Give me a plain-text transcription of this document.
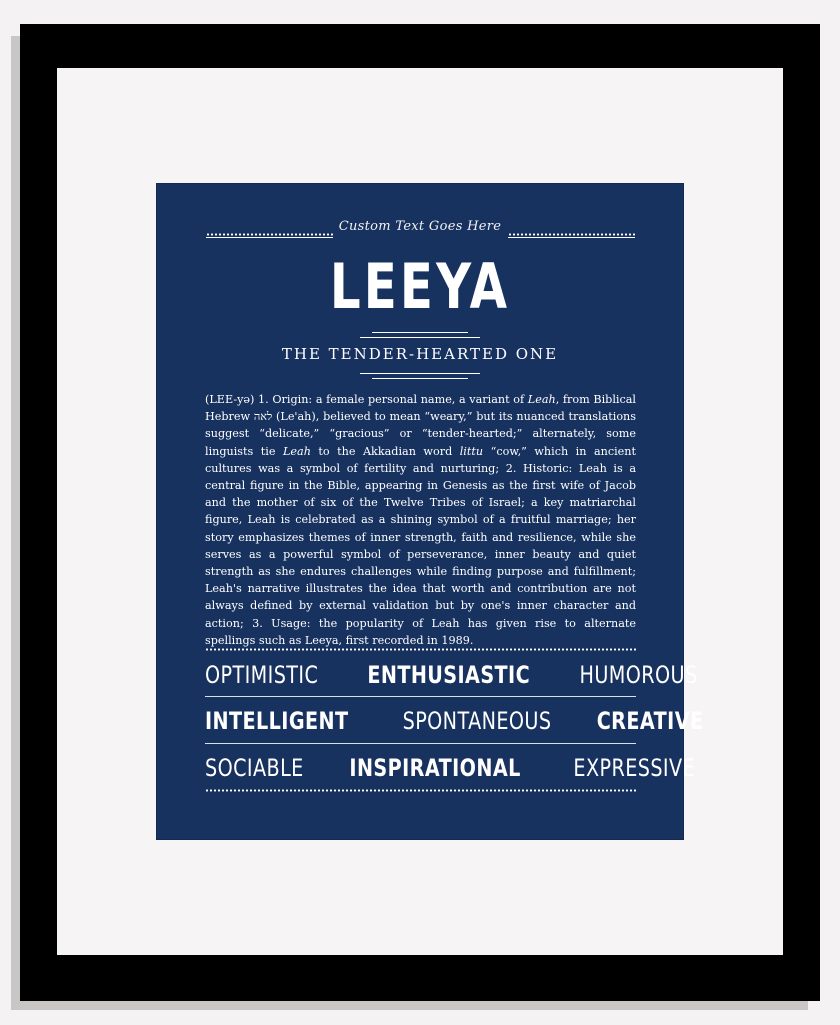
Custom Text Goes Here
LEEYA
THE TENDER-HEARTED ONE

(LEE-yə) 1. Origin: a female personal name, a variant of Leah, from Biblical Hebrew לאה (Le'ah), believed to mean “weary,” but its nuanced translations suggest “delicate,” “gracious” or “tender-hearted;” alternately, some linguists tie Leah to the Akkadian word littu “cow,” which in ancient cultures was a symbol of fertility and nurturing; 2. Historic: Leah is a central figure in the Bible, appearing in Genesis as the first wife of Jacob and the mother of six of the Twelve Tribes of Israel; a key matriarchal figure, Leah is celebrated as a shining symbol of a fruitful marriage; her story emphasizes themes of inner strength, faith and resilience, while she serves as a powerful symbol of perseverance, inner beauty and quiet strength as she endures challenges while finding purpose and fulfillment; Leah's narrative illustrates the idea that worth and contribution are not always defined by external validation but by one's inner character and action; 3. Usage: the popularity of Leah has given rise to alternate spellings such as Leeya, first recorded in 1989.

OPTIMISTIC ENTHUSIASTIC HUMOROUS
INTELLIGENT SPONTANEOUS CREATIVE
SOCIABLE INSPIRATIONAL EXPRESSIVE
